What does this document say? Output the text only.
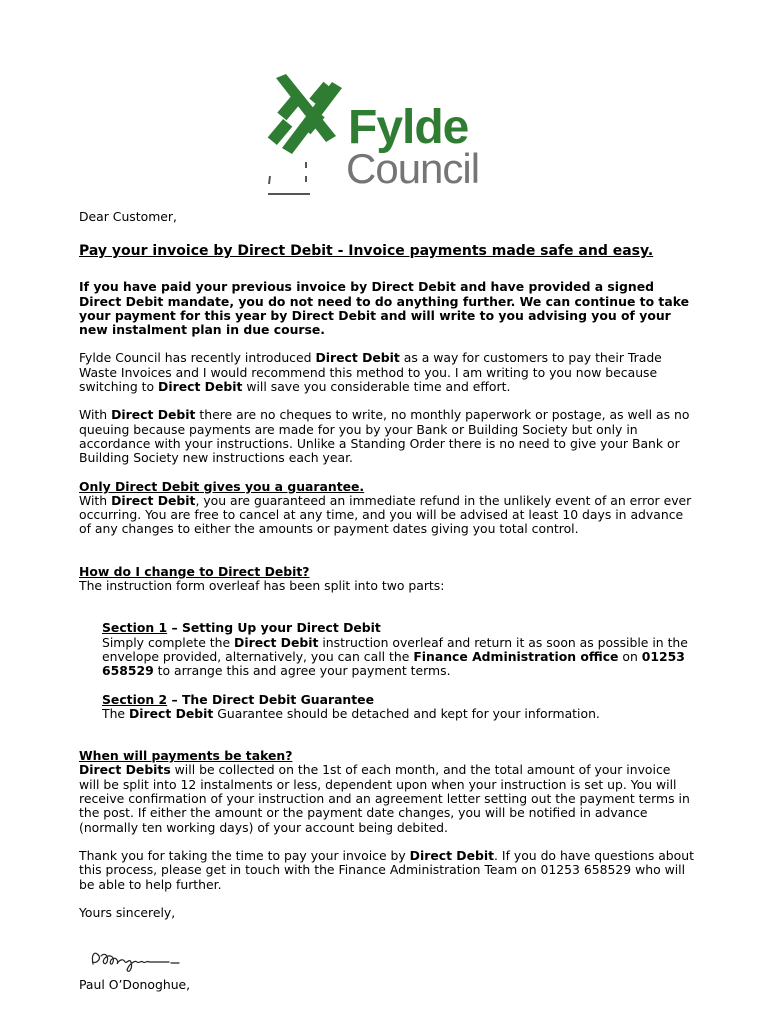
Fylde
Council

Dear Customer,

Pay your invoice by Direct Debit - Invoice payments made safe and easy.

If you have paid your previous invoice by Direct Debit and have provided a signed Direct Debit mandate, you do not need to do anything further. We can continue to take your payment for this year by Direct Debit and will write to you advising you of your new instalment plan in due course.

Fylde Council has recently introduced Direct Debit as a way for customers to pay their Trade Waste Invoices and I would recommend this method to you. I am writing to you now because switching to Direct Debit will save you considerable time and effort.

With Direct Debit there are no cheques to write, no monthly paperwork or postage, as well as no queuing because payments are made for you by your Bank or Building Society but only in accordance with your instructions. Unlike a Standing Order there is no need to give your Bank or Building Society new instructions each year.

Only Direct Debit gives you a guarantee.

With Direct Debit, you are guaranteed an immediate refund in the unlikely event of an error ever occurring. You are free to cancel at any time, and you will be advised at least 10 days in advance of any changes to either the amounts or payment dates giving you total control.

How do I change to Direct Debit?

The instruction form overleaf has been split into two parts:

Section 1 – Setting Up your Direct Debit

Simply complete the Direct Debit instruction overleaf and return it as soon as possible in the envelope provided, alternatively, you can call the Finance Administration office on 01253 658529 to arrange this and agree your payment terms.

Section 2 – The Direct Debit Guarantee

The Direct Debit Guarantee should be detached and kept for your information.

When will payments be taken?

Direct Debits will be collected on the 1st of each month, and the total amount of your invoice will be split into 12 instalments or less, dependent upon when your instruction is set up. You will receive confirmation of your instruction and an agreement letter setting out the payment terms in the post. If either the amount or the payment date changes, you will be notified in advance (normally ten working days) of your account being debited.

Thank you for taking the time to pay your invoice by Direct Debit. If you do have questions about this process, please get in touch with the Finance Administration Team on 01253 658529 who will be able to help further.

Yours sincerely,

Paul O’Donoghue,
